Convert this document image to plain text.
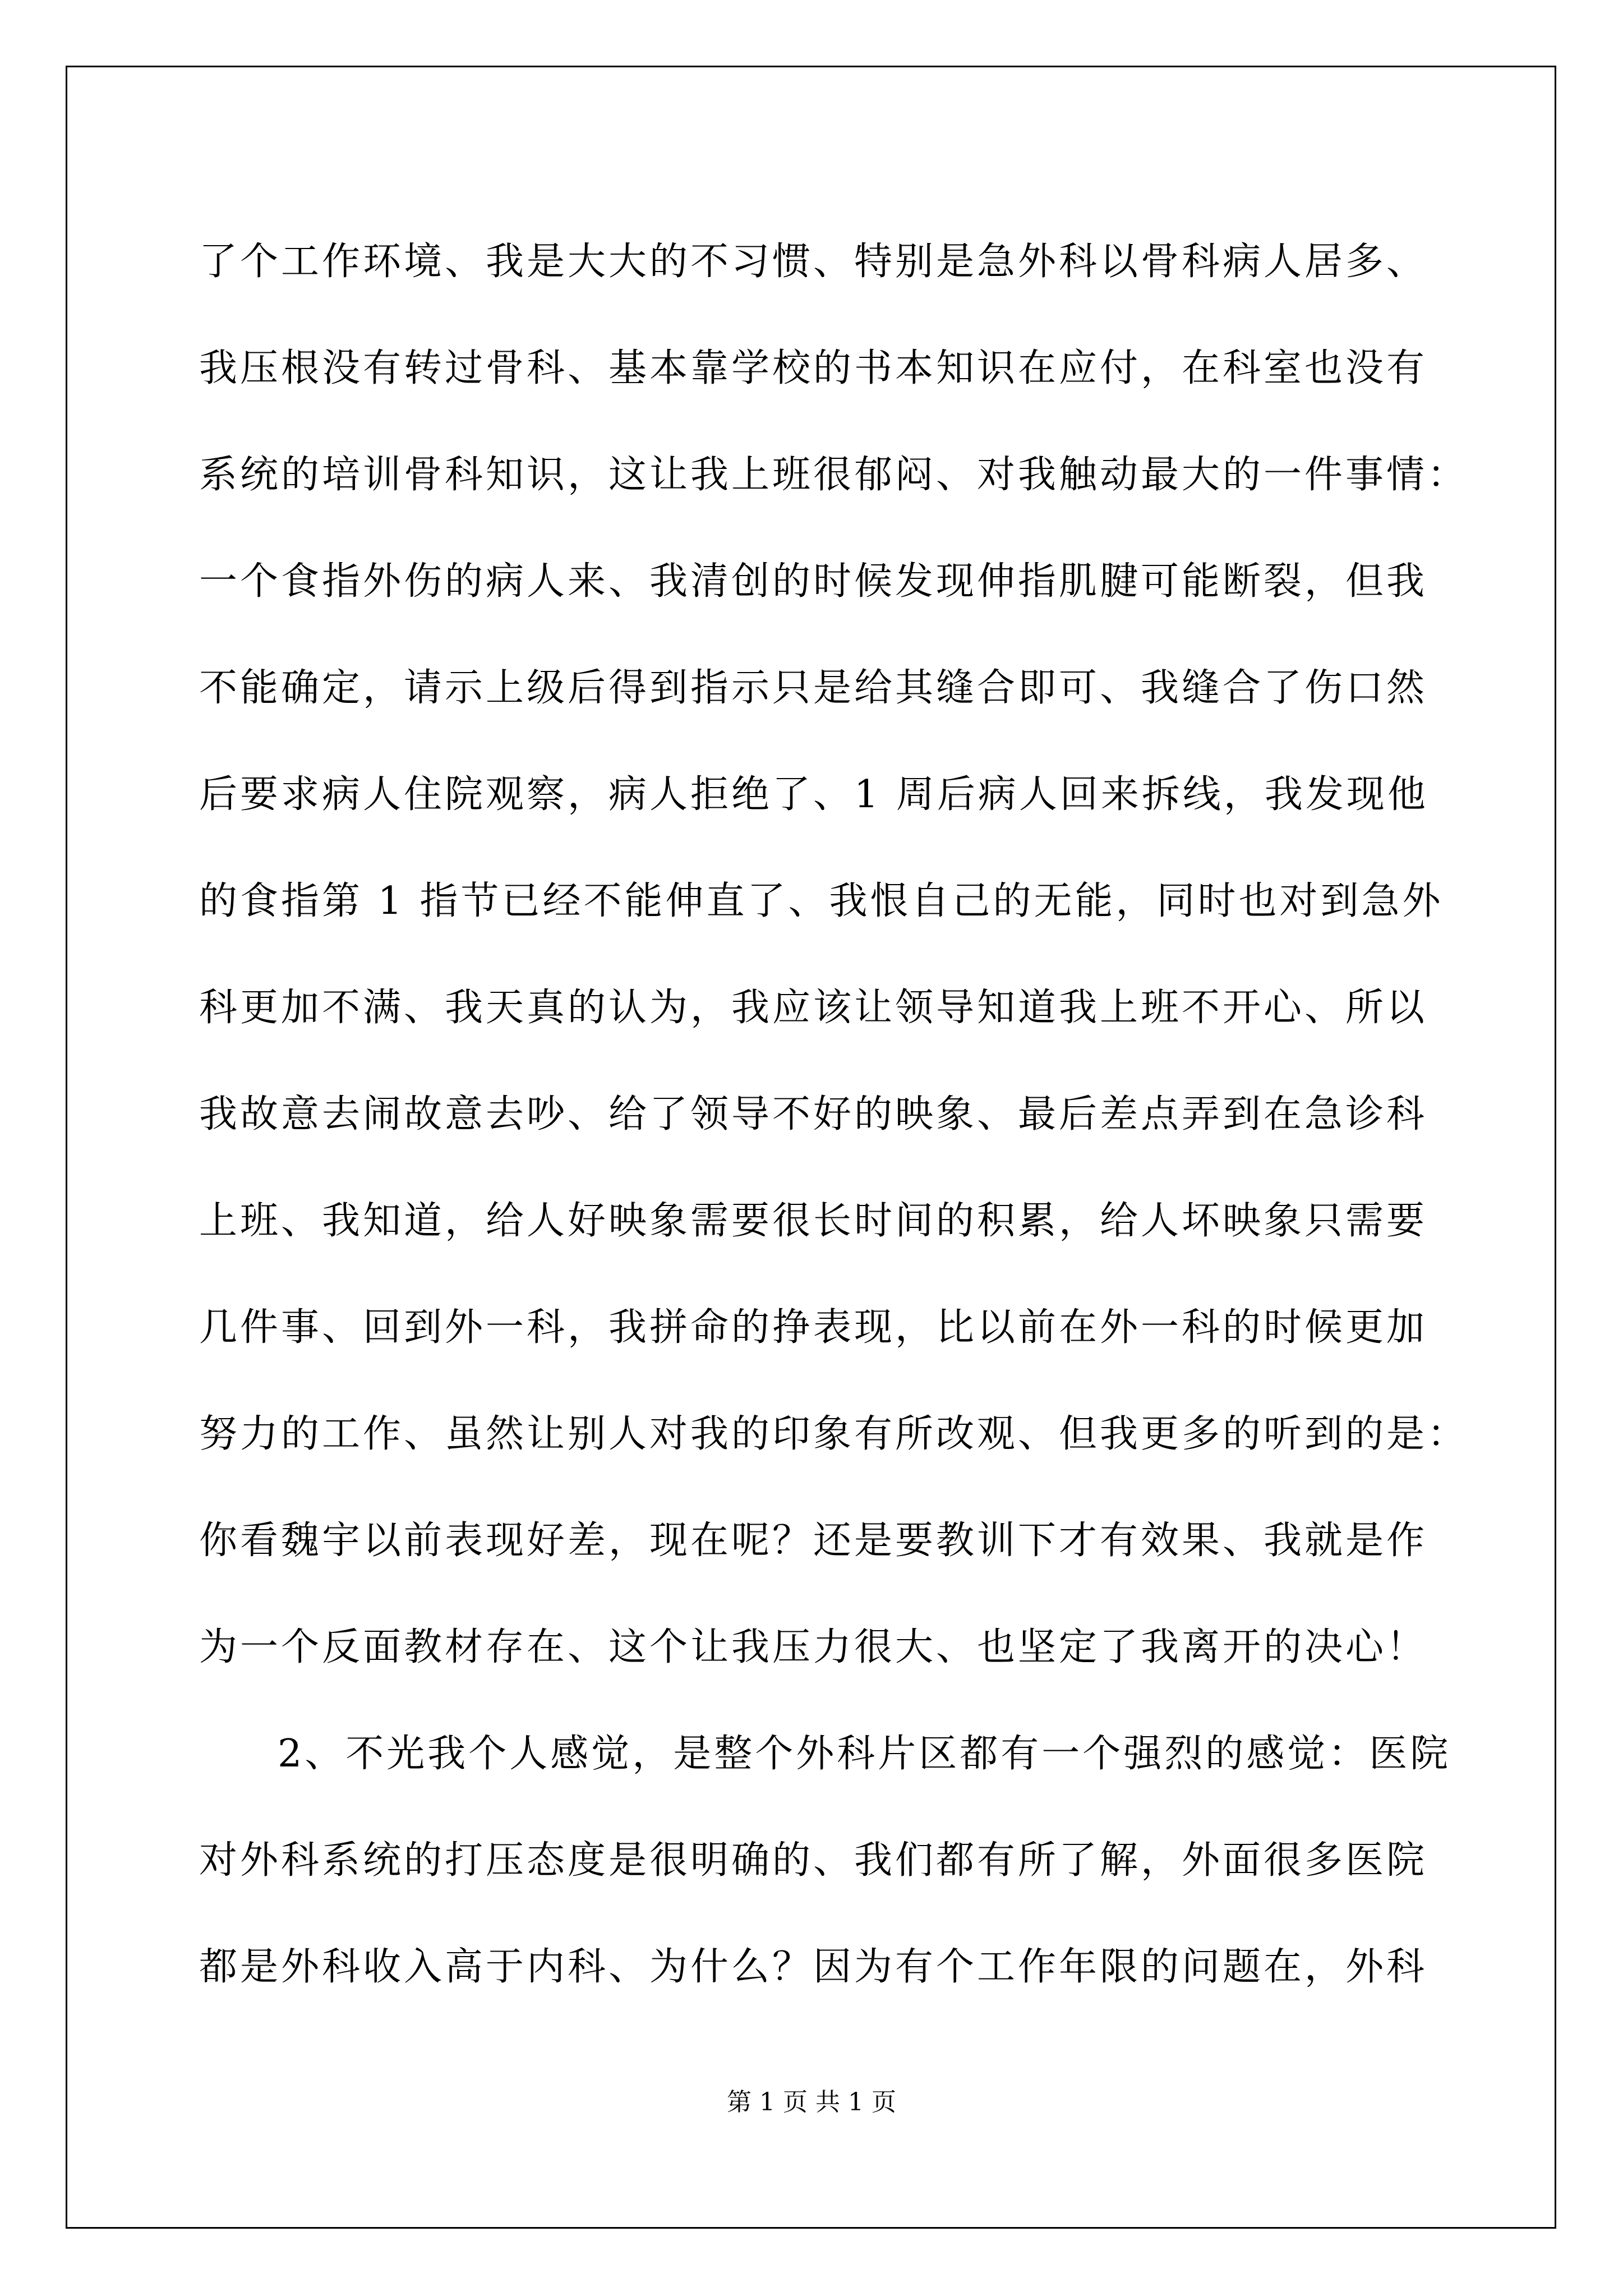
了个工作环境、我是大大的不习惯、特别是急外科以骨科病人居多、
我压根没有转过骨科、基本靠学校的书本知识在应付，在科室也没有
系统的培训骨科知识，这让我上班很郁闷、对我触动最大的一件事情：
一个食指外伤的病人来、我清创的时候发现伸指肌腱可能断裂，但我
不能确定，请示上级后得到指示只是给其缝合即可、我缝合了伤口然
后要求病人住院观察，病人拒绝了、1 周后病人回来拆线，我发现他
的食指第 1 指节已经不能伸直了、我恨自己的无能，同时也对到急外
科更加不满、我天真的认为，我应该让领导知道我上班不开心、所以
我故意去闹故意去吵、给了领导不好的映象、最后差点弄到在急诊科
上班、我知道，给人好映象需要很长时间的积累，给人坏映象只需要
几件事、回到外一科，我拼命的挣表现，比以前在外一科的时候更加
努力的工作、虽然让别人对我的印象有所改观、但我更多的听到的是：
你看魏宇以前表现好差，现在呢？还是要教训下才有效果、我就是作
为一个反面教材存在、这个让我压力很大、也坚定了我离开的决心！
2、不光我个人感觉，是整个外科片区都有一个强烈的感觉：医院
对外科系统的打压态度是很明确的、我们都有所了解，外面很多医院
都是外科收入高于内科、为什么？因为有个工作年限的问题在，外科
第 1 页 共 1 页
